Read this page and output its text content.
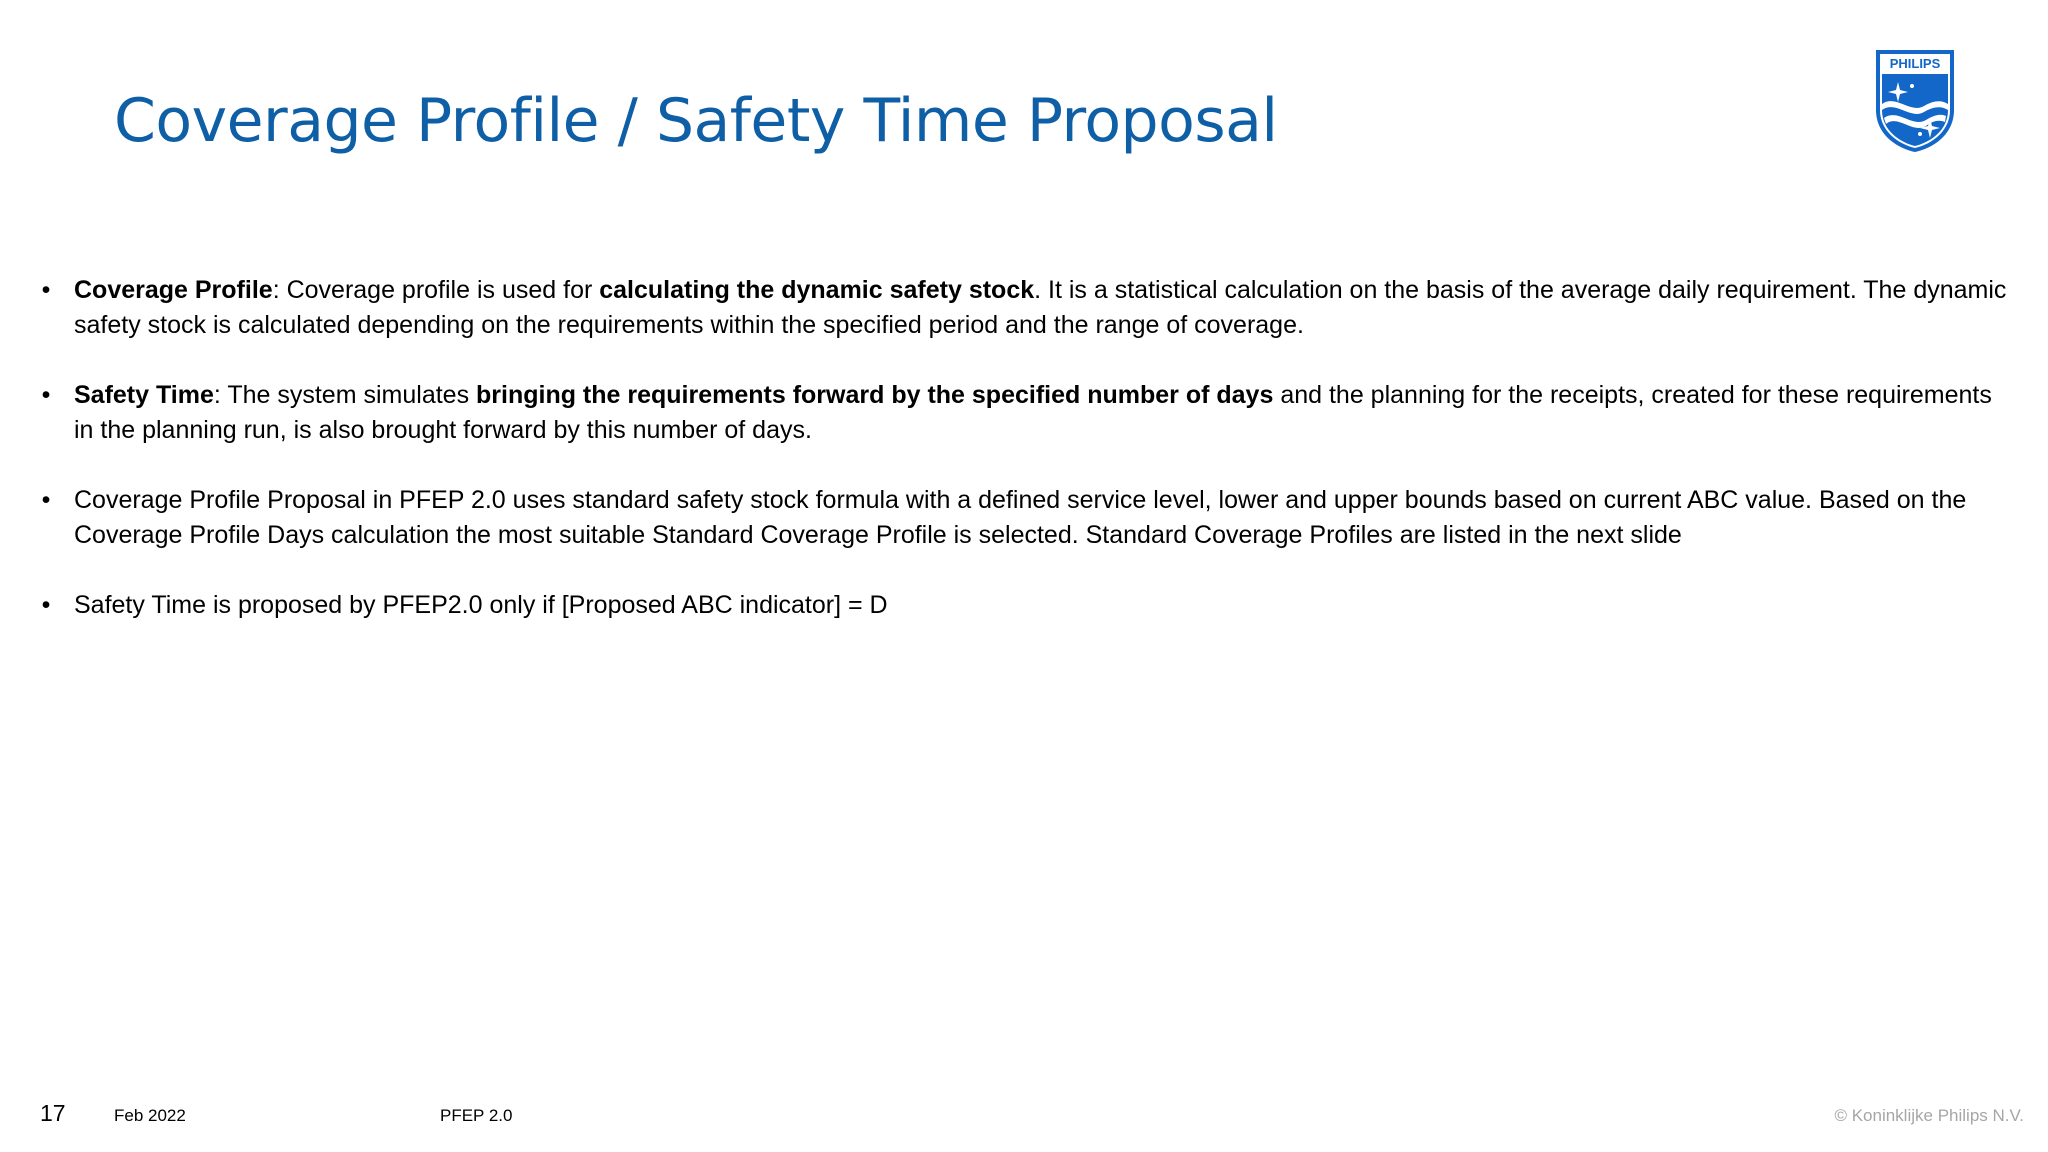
Coverage Profile / Safety Time Proposal
PHILIPS
• Coverage Profile: Coverage profile is used for calculating the dynamic safety stock. It is a statistical calculation on the basis of the average daily requirement. The dynamic safety stock is calculated depending on the requirements within the specified period and the range of coverage.
• Safety Time: The system simulates bringing the requirements forward by the specified number of days and the planning for the receipts, created for these requirements in the planning run, is also brought forward by this number of days.
• Coverage Profile Proposal in PFEP 2.0 uses standard safety stock formula with a defined service level, lower and upper bounds based on current ABC value. Based on the Coverage Profile Days calculation the most suitable Standard Coverage Profile is selected. Standard Coverage Profiles are listed in the next slide
• Safety Time is proposed by PFEP2.0 only if [Proposed ABC indicator] = D
17	Feb 2022	PFEP 2.0	© Koninklijke Philips N.V.
